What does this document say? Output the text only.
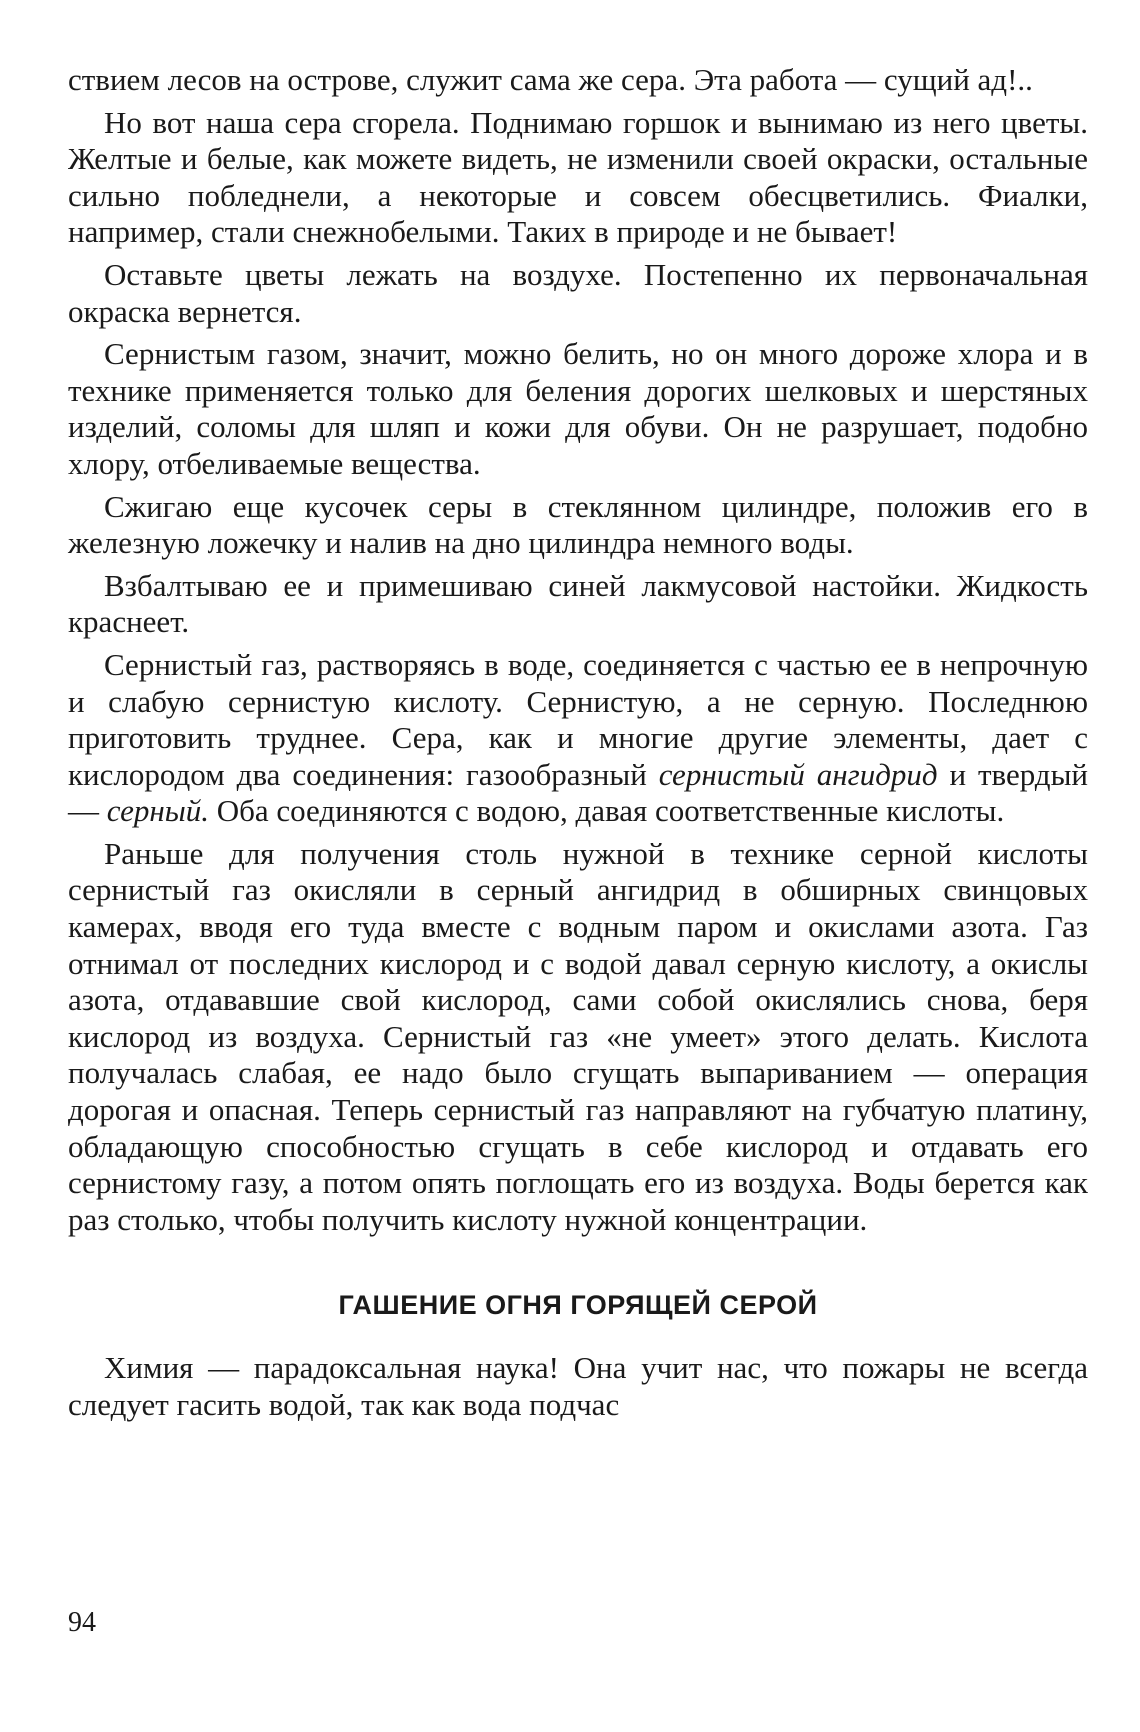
ствием лесов на острове, служит сама же сера. Эта работа — сущий ад!..

Но вот наша сера сгорела. Поднимаю горшок и вынимаю из него цветы. Желтые и белые, как можете видеть, не изменили своей окраски, остальные сильно побледнели, а некоторые и совсем обесцветились. Фиалки, например, стали снежнобелыми. Таких в природе и не бывает!

Оставьте цветы лежать на воздухе. Постепенно их первоначальная окраска вернется.

Сернистым газом, значит, можно белить, но он много дороже хлора и в технике применяется только для беления дорогих шелковых и шерстяных изделий, соломы для шляп и кожи для обуви. Он не разрушает, подобно хлору, отбеливаемые вещества.

Сжигаю еще кусочек серы в стеклянном цилиндре, положив его в железную ложечку и налив на дно цилиндра немного воды.

Взбалтываю ее и примешиваю синей лакмусовой настойки. Жидкость краснеет.

Сернистый газ, растворяясь в воде, соединяется с частью ее в непрочную и слабую сернистую кислоту. Сернистую, а не серную. Последнюю приготовить труднее. Сера, как и многие другие элементы, дает с кислородом два соединения: газообразный сернистый ангидрид и твердый — серный. Оба соединяются с водою, давая соответственные кислоты.

Раньше для получения столь нужной в технике серной кислоты сернистый газ окисляли в серный ангидрид в обширных свинцовых камерах, вводя его туда вместе с водным паром и окислами азота. Газ отнимал от последних кислород и с водой давал серную кислоту, а окислы азота, отдававшие свой кислород, сами собой окислялись снова, беря кислород из воздуха. Сернистый газ «не умеет» этого делать. Кислота получалась слабая, ее надо было сгущать выпариванием — операция дорогая и опасная. Теперь сернистый газ направляют на губчатую платину, обладающую способностью сгущать в себе кислород и отдавать его сернистому газу, а потом опять поглощать его из воздуха. Воды берется как раз столько, чтобы получить кислоту нужной концентрации.

ГАШЕНИЕ ОГНЯ ГОРЯЩЕЙ СЕРОЙ

Химия — парадоксальная наука! Она учит нас, что пожары не всегда следует гасить водой, так как вода подчас

94
